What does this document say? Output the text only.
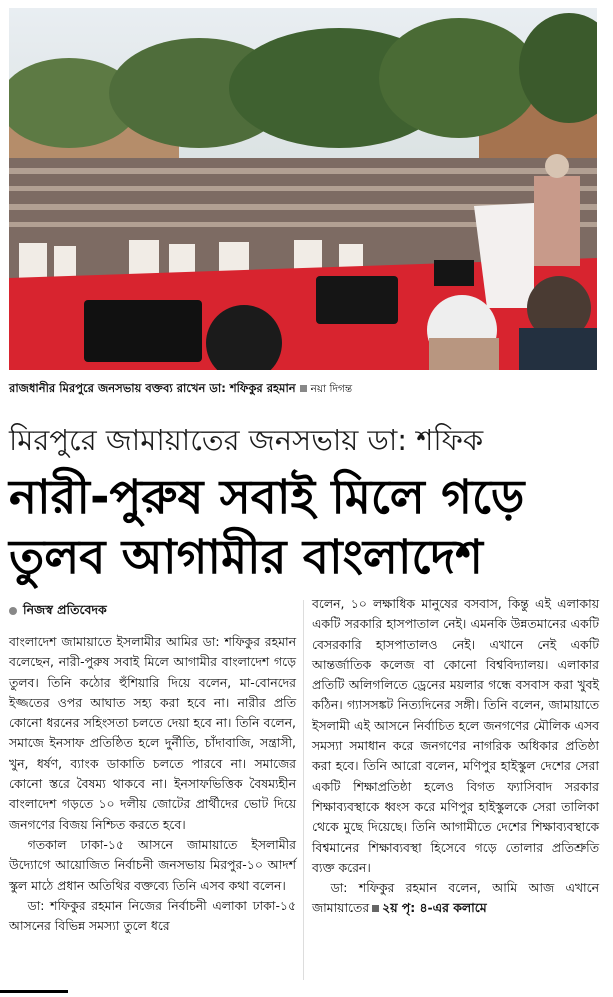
রাজধানীর মিরপুরে জনসভায় বক্তব্য রাখেন ডা: শফিকুর রহমান নয়া দিগন্ত
মিরপুরে জামায়াতের জনসভায় ডা: শফিক
নারী-পুরুষ সবাই মিলে গড়ে
তুলব আগামীর বাংলাদেশ
নিজস্ব প্রতিবেদক

বাংলাদেশ জামায়াতে ইসলামীর আমির ডা: শফিকুর রহমান বলেছেন, নারী-পুরুষ সবাই মিলে আগামীর বাংলাদেশ গড়ে তুলব। তিনি কঠোর হুঁশিয়ারি দিয়ে বলেন, মা-বোনদের ইজ্জতের ওপর আঘাত সহ্য করা হবে না। নারীর প্রতি কোনো ধরনের সহিংসতা চলতে দেয়া হবে না। তিনি বলেন, সমাজে ইনসাফ প্রতিষ্ঠিত হলে দুর্নীতি, চাঁদাবাজি, সন্ত্রাসী, খুন, ধর্ষণ, ব্যাংক ডাকাতি চলতে পারবে না। সমাজের কোনো স্তরে বৈষম্য থাকবে না। ইনসাফভিত্তিক বৈষম্যহীন বাংলাদেশ গড়তে ১০ দলীয় জোটের প্রার্থীদের ভোট দিয়ে জনগণের বিজয় নিশ্চিত করতে হবে।

গতকাল ঢাকা-১৫ আসনে জামায়াতে ইসলামীর উদ্যোগে আয়োজিত নির্বাচনী জনসভায় মিরপুর-১০ আদর্শ স্কুল মাঠে প্রধান অতিথির বক্তব্যে তিনি এসব কথা বলেন।

ডা: শফিকুর রহমান নিজের নির্বাচনী এলাকা ঢাকা-১৫ আসনের বিভিন্ন সমস্যা তুলে ধরে

বলেন, ১০ লক্ষাধিক মানুষের বসবাস, কিন্তু এই এলাকায় একটি সরকারি হাসপাতাল নেই। এমনকি উন্নতমানের একটি বেসরকারি হাসপাতালও নেই। এখানে নেই একটি আন্তর্জাতিক কলেজ বা কোনো বিশ্ববিদ্যালয়। এলাকার প্রতিটি অলিগলিতে ড্রেনের ময়লার গন্ধে বসবাস করা খুবই কঠিন। গ্যাসসঙ্কট নিত্যদিনের সঙ্গী। তিনি বলেন, জামায়াতে ইসলামী এই আসনে নির্বাচিত হলে জনগণের মৌলিক এসব সমস্যা সমাধান করে জনগণের নাগরিক অধিকার প্রতিষ্ঠা করা হবে। তিনি আরো বলেন, মণিপুর হাইস্কুল দেশের সেরা একটি শিক্ষাপ্রতিষ্ঠা হলেও বিগত ফ্যাসিবাদ সরকার শিক্ষাব্যবস্থাকে ধ্বংস করে মণিপুর হাইস্কুলকে সেরা তালিকা থেকে মুছে দিয়েছে। তিনি আগামীতে দেশের শিক্ষাব্যবস্থাকে বিশ্বমানের শিক্ষাব্যবস্থা হিসেবে গড়ে তোলার প্রতিশ্রুতি ব্যক্ত করেন।

ডা: শফিকুর রহমান বলেন, আমি আজ এখানে জামায়াতের ২য় পৃ: ৪-এর কলামে
